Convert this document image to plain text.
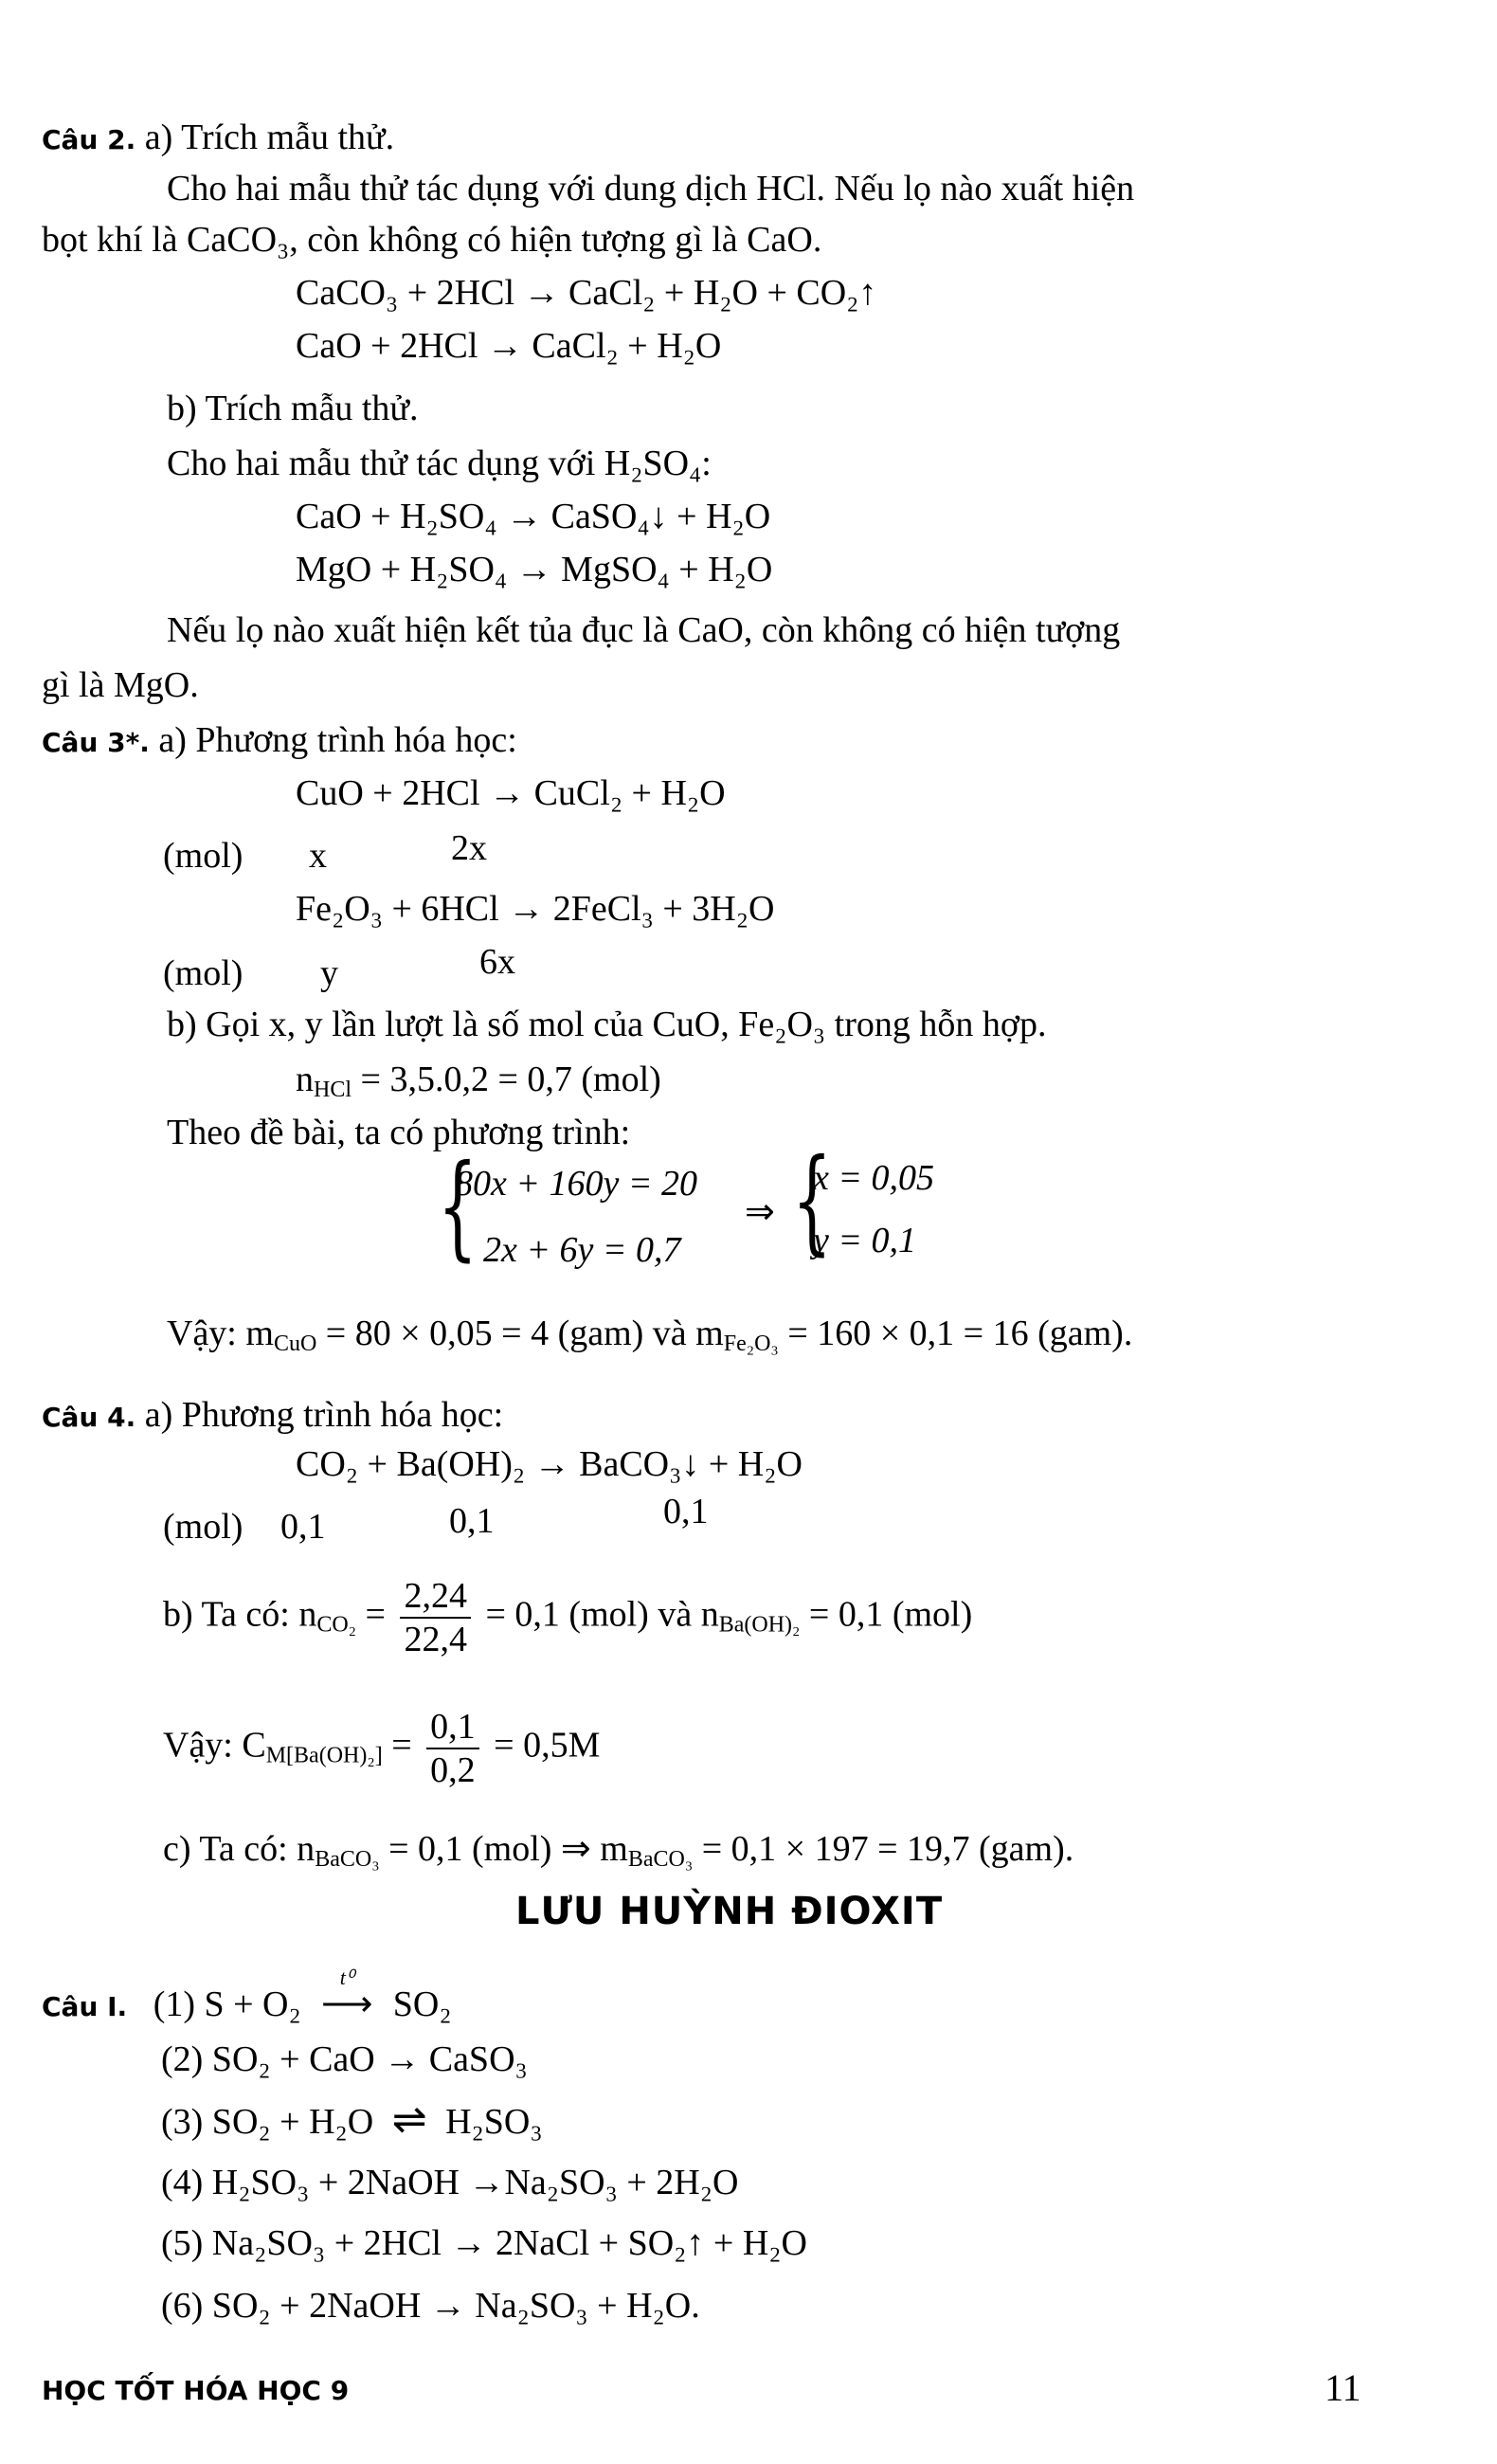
Câu 2. a) Trích mẫu thử.
Cho hai mẫu thử tác dụng với dung dịch HCl. Nếu lọ nào xuất hiện
bọt khí là CaCO₃, còn không có hiện tượng gì là CaO.
CaCO₃ + 2HCl → CaCl₂ + H₂O + CO₂↑
CaO + 2HCl → CaCl₂ + H₂O
b) Trích mẫu thử.
Cho hai mẫu thử tác dụng với H₂SO₄:
CaO + H₂SO₄ → CaSO₄↓ + H₂O
MgO + H₂SO₄ → MgSO₄ + H₂O
Nếu lọ nào xuất hiện kết tủa đục là CaO, còn không có hiện tượng
gì là MgO.
Câu 3*. a) Phương trình hóa học:
CuO + 2HCl → CuCl₂ + H₂O
(mol) x	2x
Fe₂O₃ + 6HCl → 2FeCl₃ + 3H₂O
(mol) y	6x
b) Gọi x, y lần lượt là số mol của CuO, Fe₂O₃ trong hỗn hợp.
$n_{HCl} = 3,5.0,2 = 0,7$ (mol)
Theo đề bài, ta có phương trình:
{
80x + 160y = 20
2x + 6y = 0,7
⇒ {
x = 0,05
y = 0,1
Vậy: $m_{CuO} = 80 \times 0,05 = 4$ (gam) và $m_{Fe_2O_3} = 160 \times 0,1 = 16$ (gam).
Câu 4. a) Phương trình hóa học:
CO₂ + Ba(OH)₂ → BaCO₃↓ + H₂O
(mol) 0,1	0,1	0,1
b) Ta có: $n_{CO_2} = \frac{2,24}{22,4} = 0,1$ (mol) và $n_{Ba(OH)_2} = 0,1$ (mol)
Vậy: $C_{M[Ba(OH)_2]} = \frac{0,1}{0,2} = 0,5M$
c) Ta có: $n_{BaCO_3} = 0,1$ (mol) ⇒ $m_{BaCO_3} = 0,1 \times 197 = 19,7$ (gam).
LƯU HUỲNH ĐIOXIT
Câu I. (1) S + O₂
t⁰
⟶ SO₂
(2) SO₂ + CaO → CaSO₃
(3) SO₂ + H₂O ⇌ H₂SO₃
(4) H₂SO₃ + 2NaOH →Na₂SO₃ + 2H₂O
(5) Na₂SO₃ + 2HCl → 2NaCl + SO₂↑ + H₂O
(6) SO₂ + 2NaOH → Na₂SO₃ + H₂O.
HỌC TỐT HÓA HỌC 9	11
